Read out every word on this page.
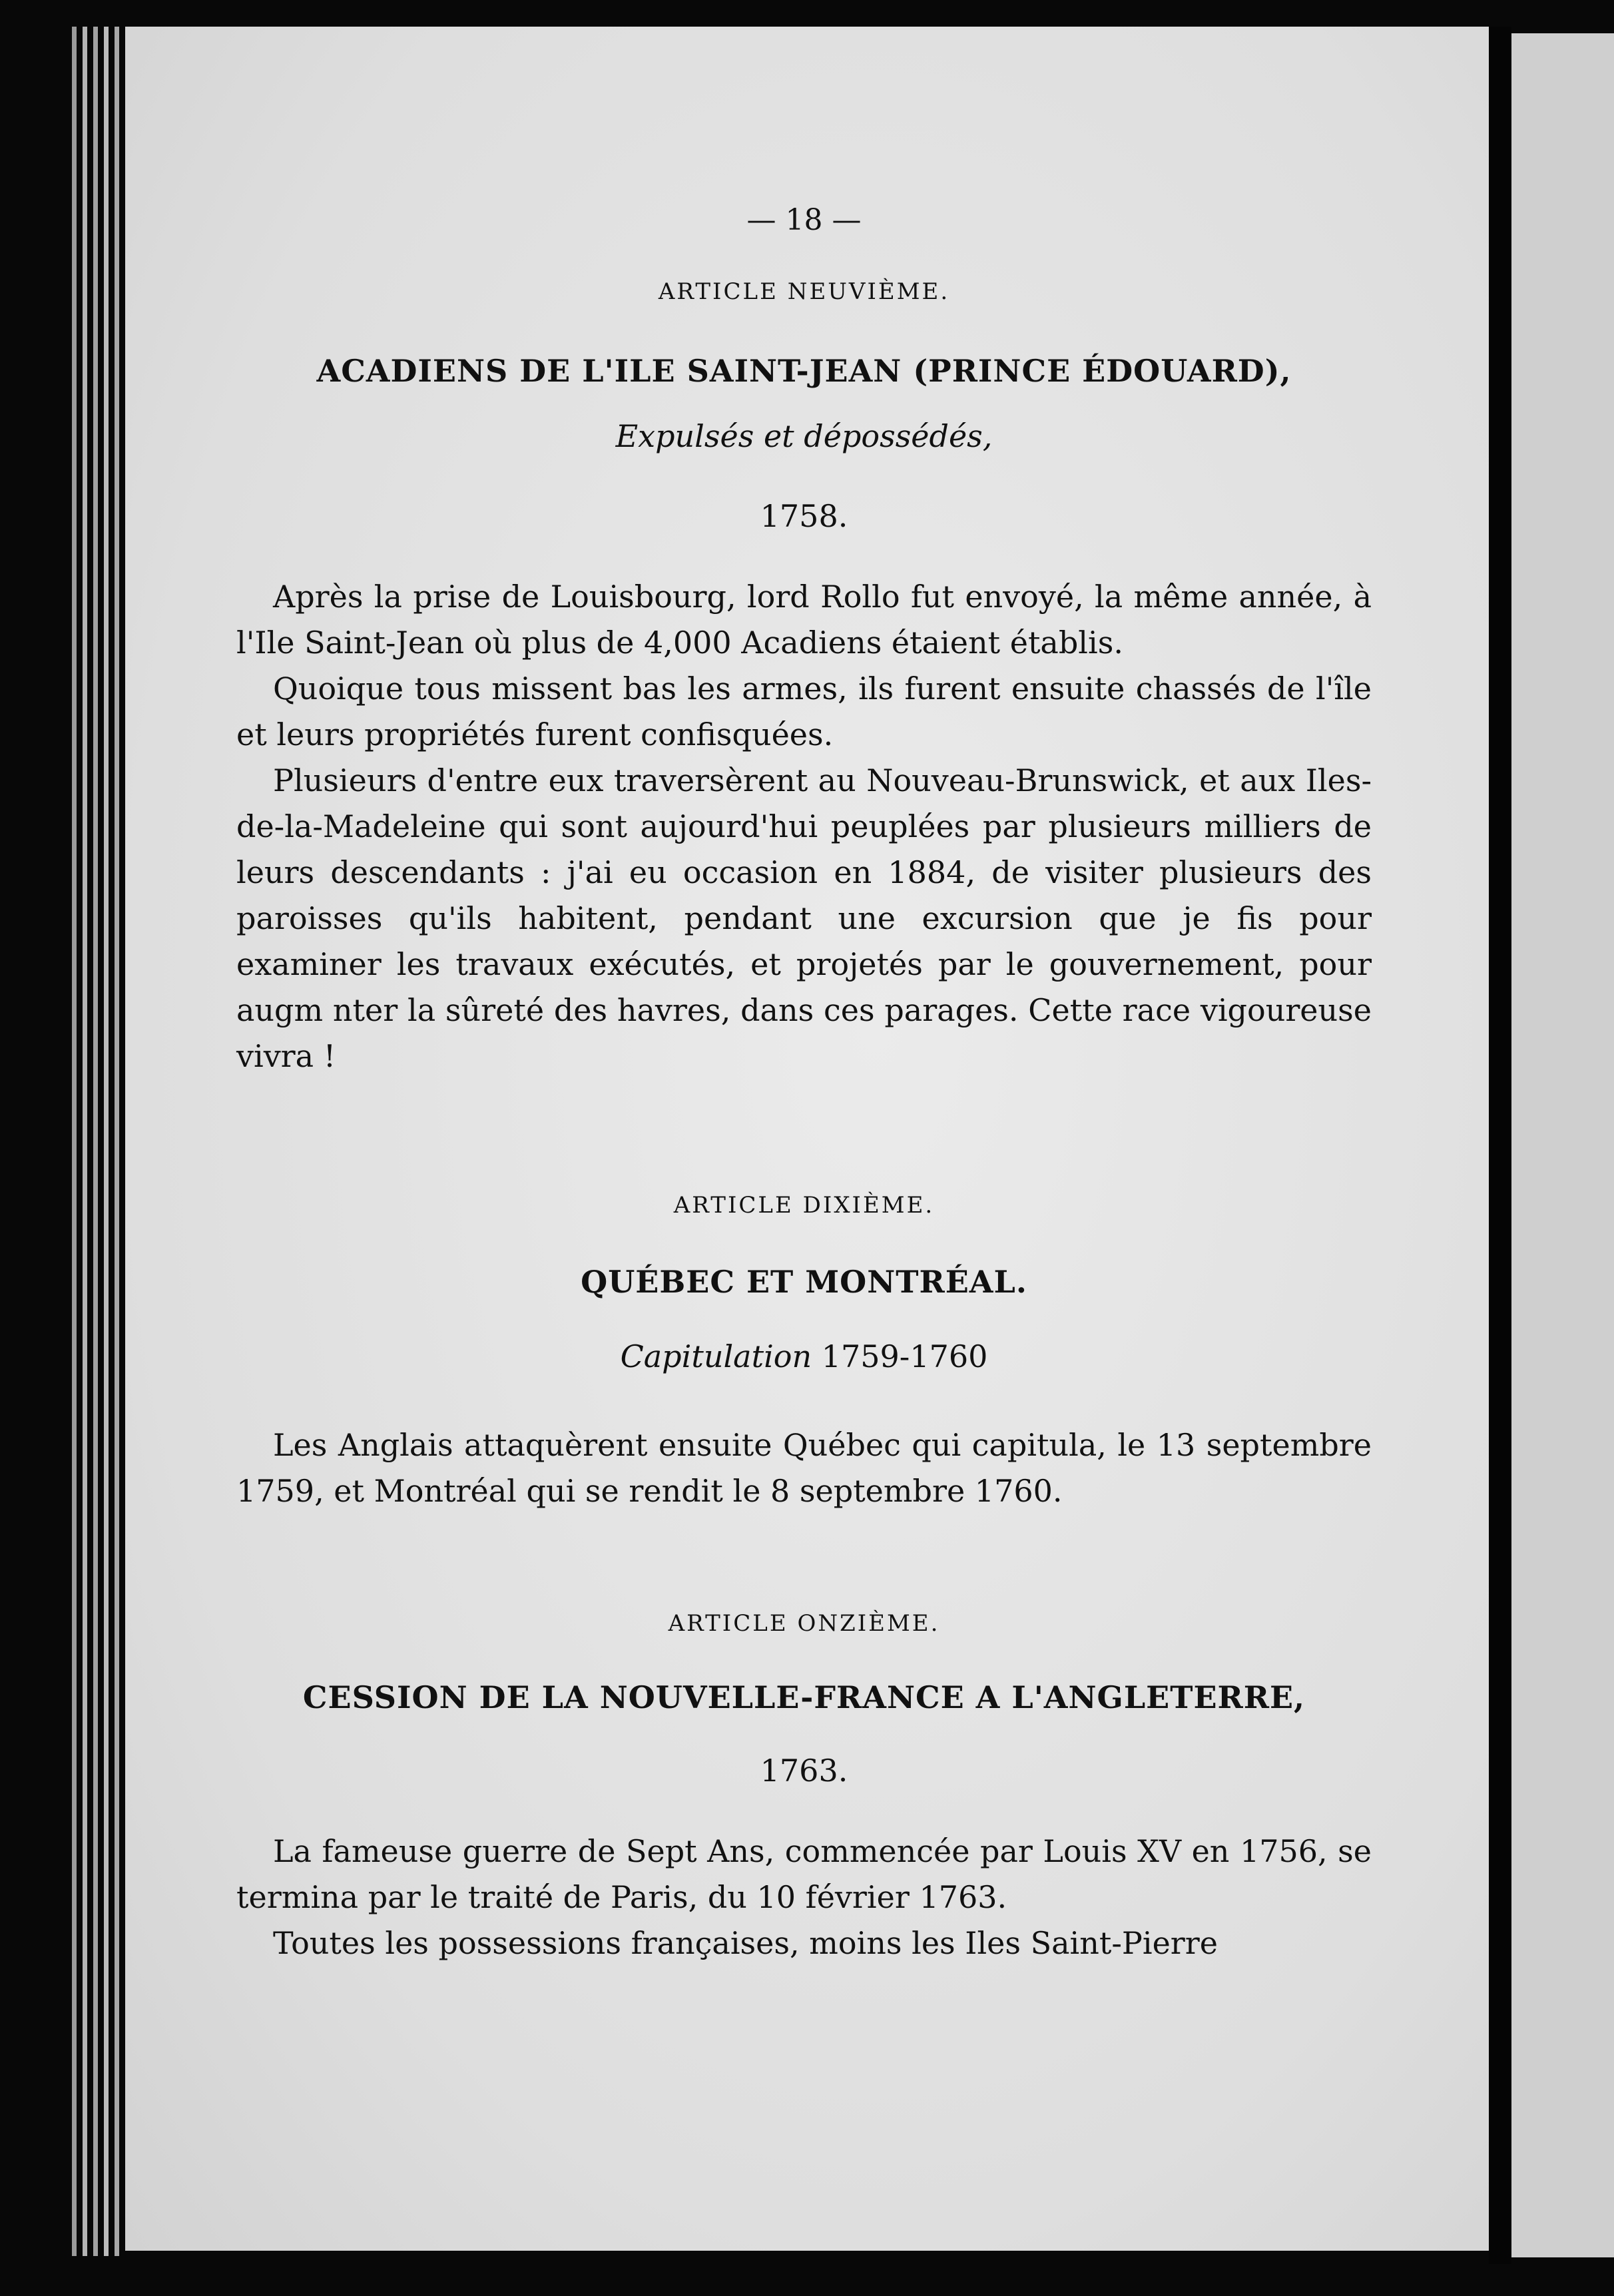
— 18 —

ARTICLE NEUVIÈME.

ACADIENS DE L'ILE SAINT-JEAN (PRINCE ÉDOUARD),

Expulsés et dépossédés,

1758.

Après la prise de Louisbourg, lord Rollo fut envoyé, la même année, à l'Ile Saint-Jean où plus de 4,000 Acadiens étaient établis.

Quoique tous missent bas les armes, ils furent ensuite chassés de l'île et leurs propriétés furent confisquées.

Plusieurs d'entre eux traversèrent au Nouveau-Brunswick, et aux Iles-de-la-Madeleine qui sont aujourd'hui peuplées par plusieurs milliers de leurs descendants : j'ai eu occasion en 1884, de visiter plusieurs des paroisses qu'ils habitent, pendant une excursion que je fis pour examiner les travaux exécutés, et projetés par le gouvernement, pour augm nter la sûreté des havres, dans ces parages. Cette race vigoureuse vivra !

ARTICLE DIXIÈME.

QUÉBEC ET MONTRÉAL.

Capitulation 1759-1760

Les Anglais attaquèrent ensuite Québec qui capitula, le 13 septembre 1759, et Montréal qui se rendit le 8 septembre 1760.

ARTICLE ONZIÈME.

CESSION DE LA NOUVELLE-FRANCE A L'ANGLETERRE,

1763.

La fameuse guerre de Sept Ans, commencée par Louis XV en 1756, se termina par le traité de Paris, du 10 février 1763.

Toutes les possessions françaises, moins les Iles Saint-Pierre
